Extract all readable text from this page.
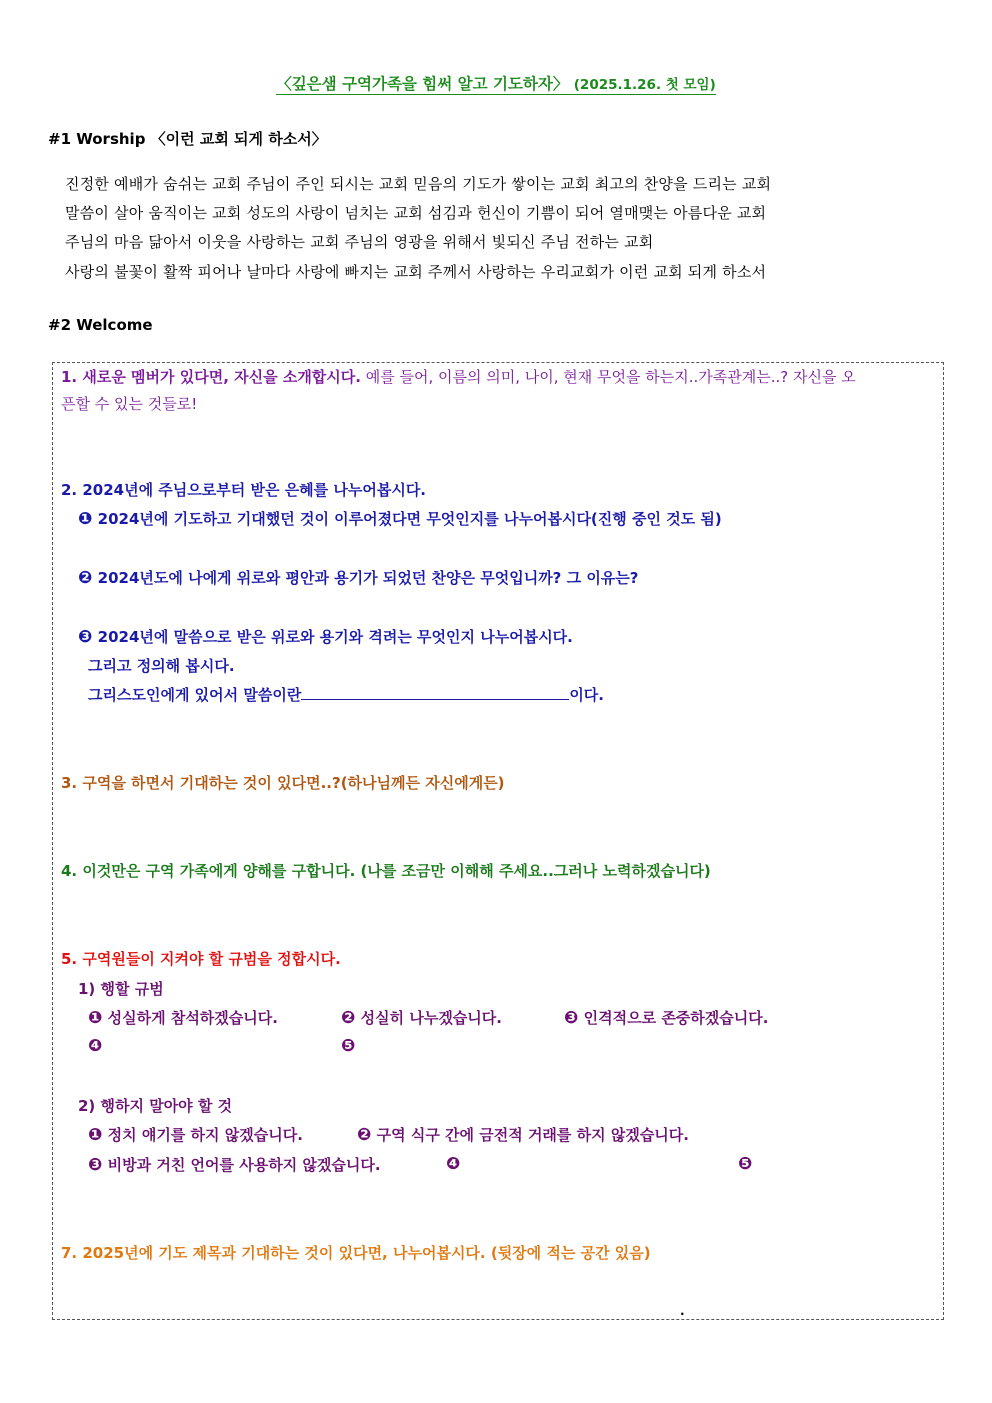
〈깊은샘 구역가족을 힘써 알고 기도하자〉 (2025.1.26. 첫 모임)
#1 Worship 〈이런 교회 되게 하소서〉
진정한 예배가 숨쉬는 교회 주님이 주인 되시는 교회 믿음의 기도가 쌓이는 교회 최고의 찬양을 드리는 교회
말씀이 살아 움직이는 교회 성도의 사랑이 넘치는 교회 섬김과 헌신이 기쁨이 되어 열매맺는 아름다운 교회
주님의 마음 닮아서 이웃을 사랑하는 교회 주님의 영광을 위해서 빛되신 주님 전하는 교회
사랑의 불꽃이 활짝 피어나 날마다 사랑에 빠지는 교회 주께서 사랑하는 우리교회가 이런 교회 되게 하소서
#2 Welcome
1. 새로운 멤버가 있다면, 자신을 소개합시다. 예를 들어, 이름의 의미, 나이, 현재 무엇을 하는지..가족관계는..? 자신을 오
픈할 수 있는 것들로!
2. 2024년에 주님으로부터 받은 은혜를 나누어봅시다.
❶ 2024년에 기도하고 기대했던 것이 이루어졌다면 무엇인지를 나누어봅시다(진행 중인 것도 됨)
❷ 2024년도에 나에게 위로와 평안과 용기가 되었던 찬양은 무엇입니까? 그 이유는?
❸ 2024년에 말씀으로 받은 위로와 용기와 격려는 무엇인지 나누어봅시다.
그리고 정의해 봅시다.
그리스도인에게 있어서 말씀이란	이다.
3. 구역을 하면서 기대하는 것이 있다면..?(하나님께든 자신에게든)
4. 이것만은 구역 가족에게 양해를 구합니다. (나를 조금만 이해해 주세요..그러나 노력하겠습니다)
5. 구역원들이 지켜야 할 규범을 정합시다.
1) 행할 규범
❶ 성실하게 참석하겠습니다.	❷ 성실히 나누겠습니다.	❸ 인격적으로 존중하겠습니다.
❹	❺
2) 행하지 말아야 할 것
❶ 정치 얘기를 하지 않겠습니다.	❷ 구역 식구 간에 금전적 거래를 하지 않겠습니다.
❸ 비방과 거친 언어를 사용하지 않겠습니다.	❹	❺
7. 2025년에 기도 제목과 기대하는 것이 있다면, 나누어봅시다. (뒷장에 적는 공간 있음)
.
